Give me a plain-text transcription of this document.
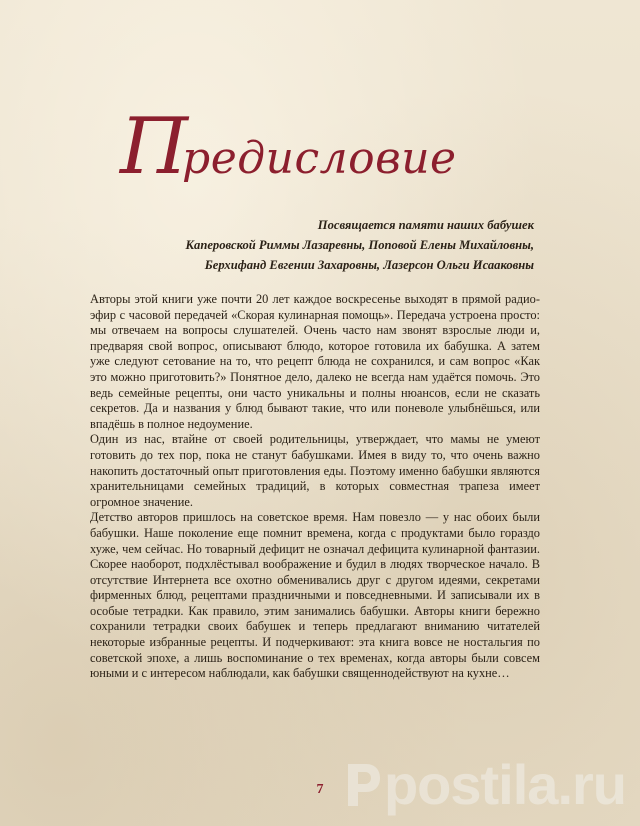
П
редисловие
Посвящается памяти наших бабушек
Каперовской Риммы Лазаревны, Поповой Елены Михайловны,
Берхифанд Евгении Захаровны, Лазерсон Ольги Исааковны

Авторы этой книги уже почти 20 лет каждое воскресенье выходят в прямой радио-эфир с часовой передачей «Скорая кулинарная помощь». Передача устроена просто: мы отвечаем на вопросы слушателей. Очень часто нам звонят взрослые люди и, предваряя свой вопрос, описывают блюдо, которое готовила их бабушка. А затем уже следуют сетование на то, что рецепт блюда не сохранился, и сам вопрос «Как это можно приготовить?» Понятное дело, далеко не всегда нам удаётся помочь. Это ведь семейные рецепты, они часто уникальны и полны нюансов, если не сказать секретов. Да и названия у блюд бывают такие, что или поневоле улыбнёшься, или впадёшь в полное недоумение.

Один из нас, втайне от своей родительницы, утверждает, что мамы не умеют готовить до тех пор, пока не станут бабушками. Имея в виду то, что очень важно накопить достаточный опыт приготовления еды. Поэтому именно бабушки являются хранительницами семейных традиций, в которых совместная трапеза имеет огромное значение.

Детство авторов пришлось на советское время. Нам повезло — у нас обоих были бабушки. Наше поколение еще помнит времена, когда с продуктами было гораздо хуже, чем сейчас. Но товарный дефицит не означал дефицита кулинарной фантазии. Скорее наоборот, подхлёстывал воображение и будил в людях творческое начало. В отсутствие Интернета все охотно обменивались друг с другом идеями, секретами фирменных блюд, рецептами праздничными и повседневными. И записывали их в особые тетрадки. Как правило, этим занимались бабушки. Авторы книги бережно сохранили тетрадки своих бабушек и теперь предлагают вниманию читателей некоторые избранные рецепты. И подчеркивают: эта книга вовсе не ностальгия по советской эпохе, а лишь воспоминание о тех временах, когда авторы были совсем юными и с интересом наблюдали, как бабушки священнодействуют на кухне…

7	postila.ru
